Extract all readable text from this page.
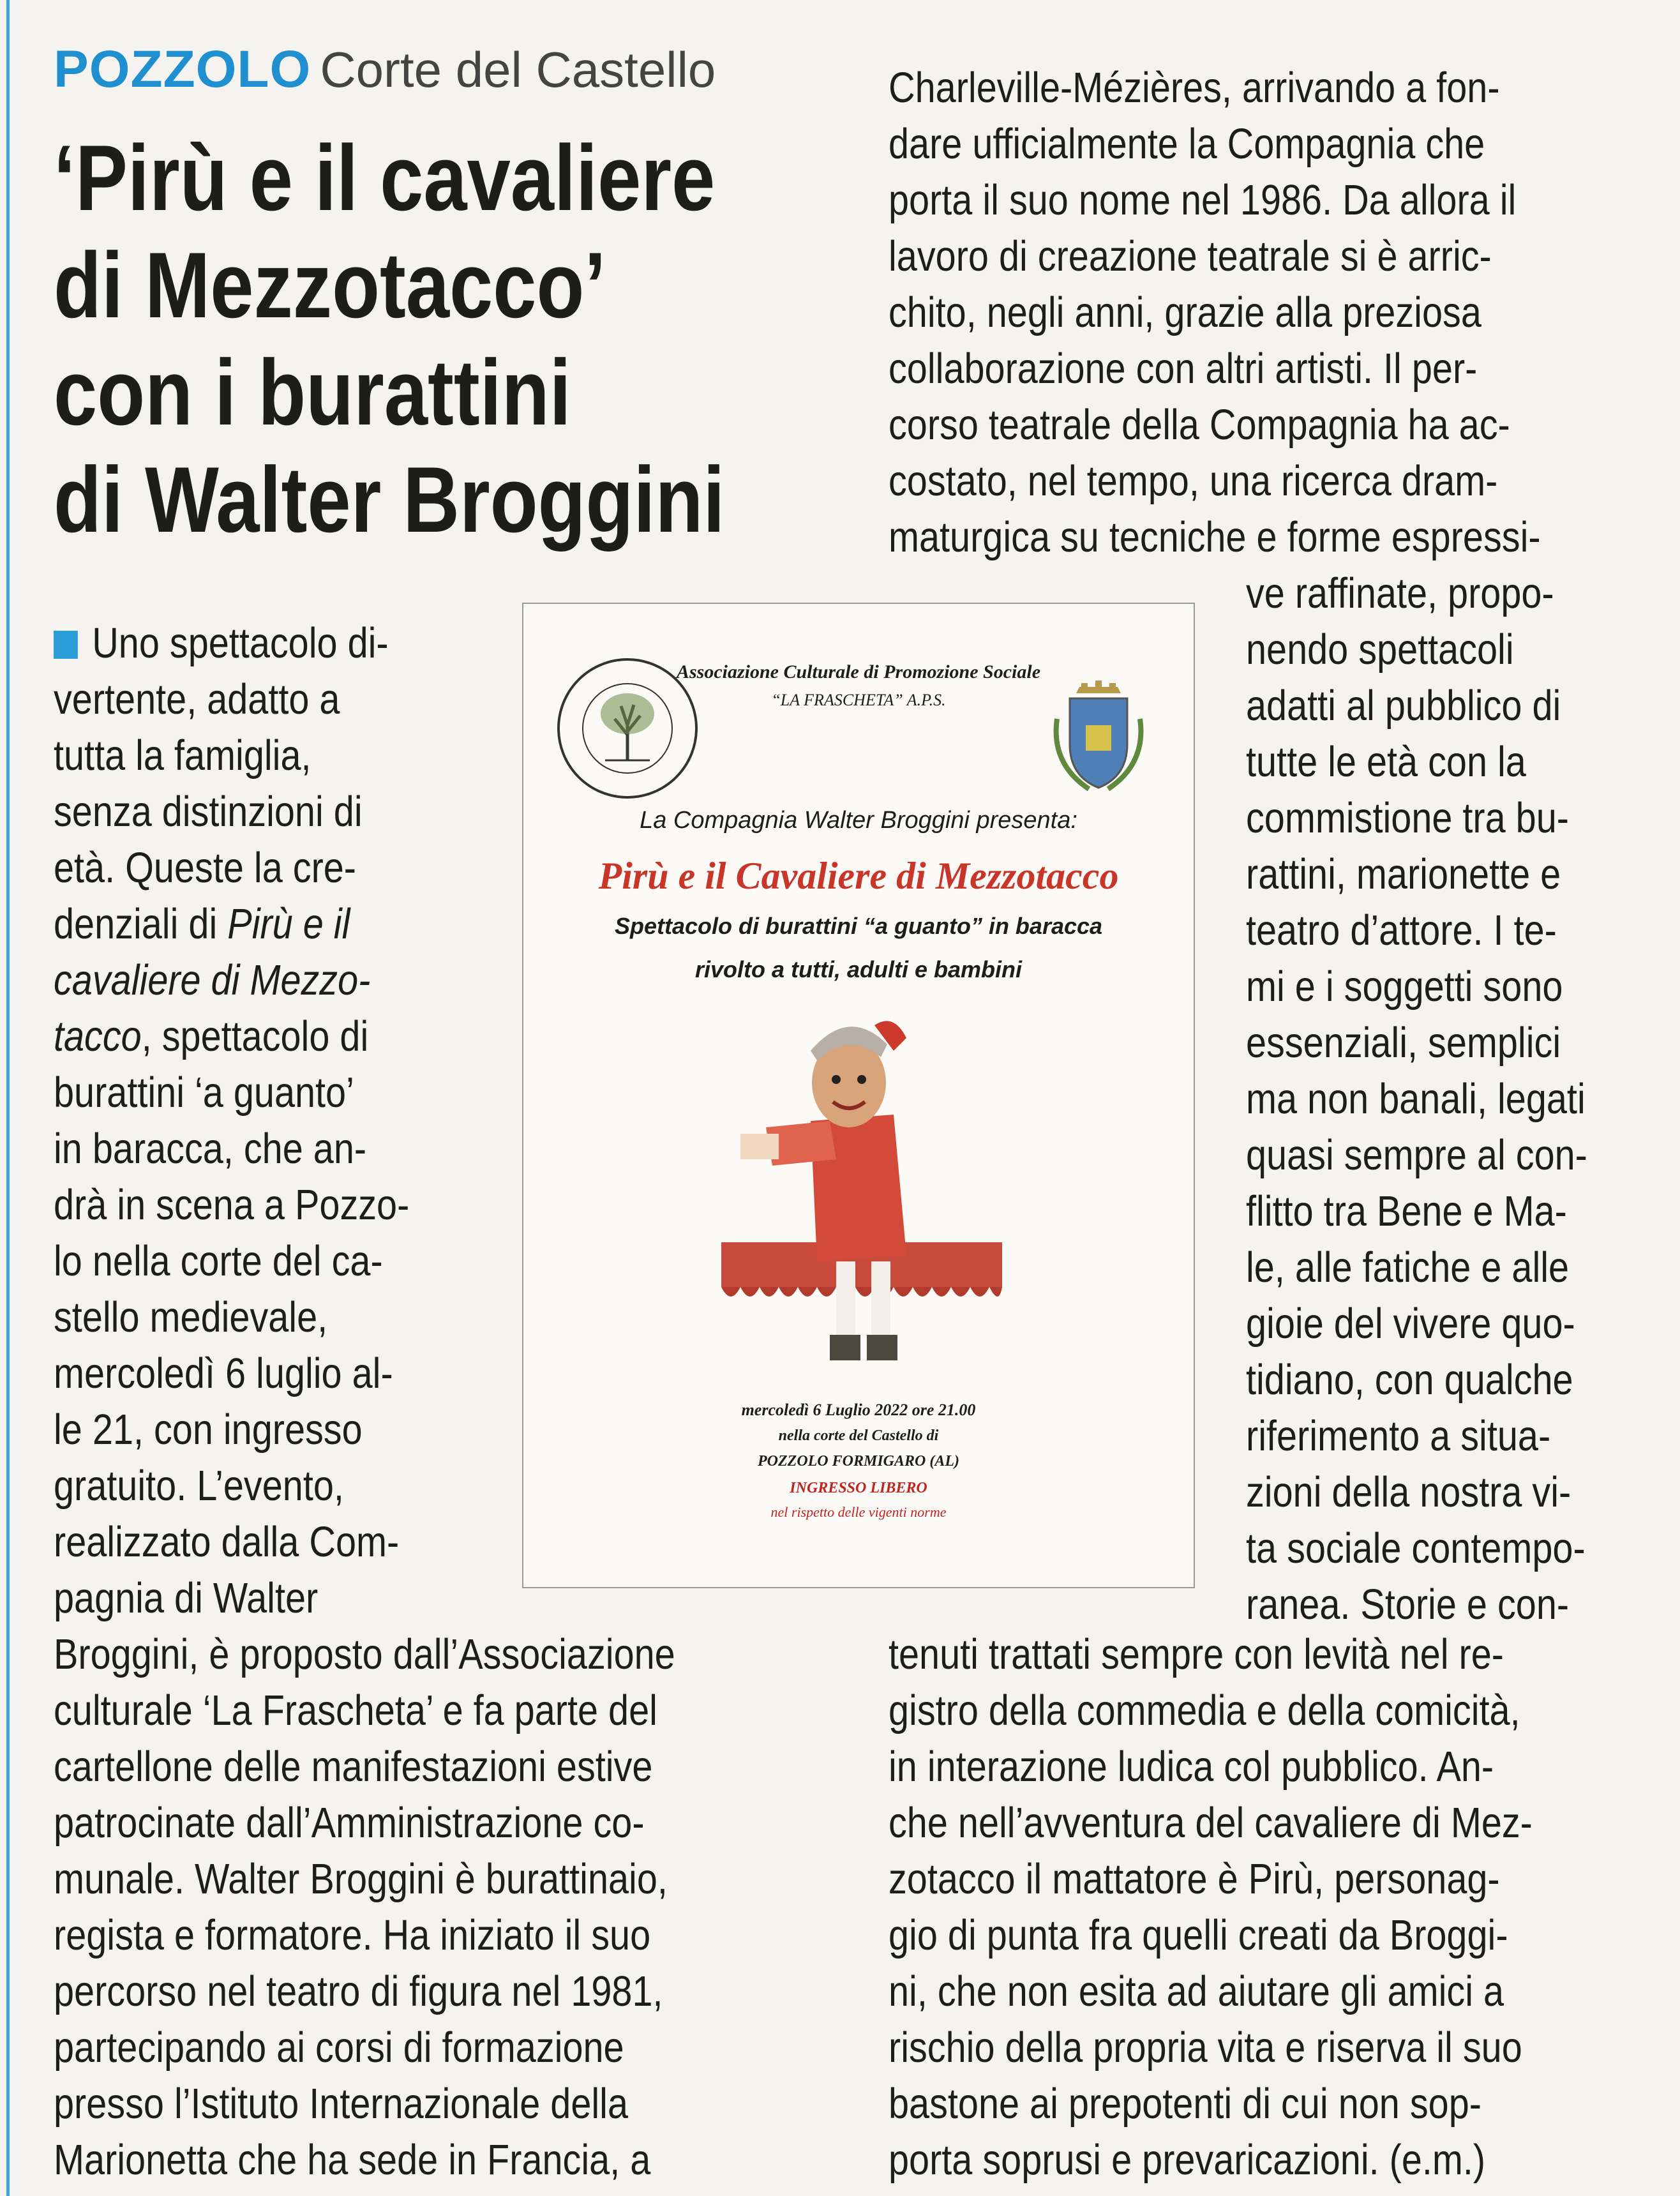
POZZOLO Corte del Castello
‘Pirù e il cavaliere
di Mezzotacco’
con i burattini
di Walter Broggini
Uno spettacolo di-
vertente, adatto a
tutta la famiglia,
senza distinzioni di
età. Queste la cre-
denziali di Pirù e il
cavaliere di Mezzo-
tacco, spettacolo di
burattini ‘a guanto’
in baracca, che an-
drà in scena a Pozzo-
lo nella corte del ca-
stello medievale,
mercoledì 6 luglio al-
le 21, con ingresso
gratuito. L’evento,
realizzato dalla Com-
pagnia di Walter
Broggini, è proposto dall’Associazione
culturale ‘La Frascheta’ e fa parte del
cartellone delle manifestazioni estive
patrocinate dall’Amministrazione co-
munale. Walter Broggini è burattinaio,
regista e formatore. Ha iniziato il suo
percorso nel teatro di figura nel 1981,
partecipando ai corsi di formazione
presso l’Istituto Internazionale della
Marionetta che ha sede in Francia, a
Charleville-Mézières, arrivando a fon-
dare ufficialmente la Compagnia che
porta il suo nome nel 1986. Da allora il
lavoro di creazione teatrale si è arric-
chito, negli anni, grazie alla preziosa
collaborazione con altri artisti. Il per-
corso teatrale della Compagnia ha ac-
costato, nel tempo, una ricerca dram-
maturgica su tecniche e forme espressi-
ve raffinate, propo-
nendo spettacoli
adatti al pubblico di
tutte le età con la
commistione tra bu-
rattini, marionette e
teatro d’attore. I te-
mi e i soggetti sono
essenziali, semplici
ma non banali, legati
quasi sempre al con-
flitto tra Bene e Ma-
le, alle fatiche e alle
gioie del vivere quo-
tidiano, con qualche
riferimento a situa-
zioni della nostra vi-
ta sociale contempo-
ranea. Storie e con-
tenuti trattati sempre con levità nel re-
gistro della commedia e della comicità,
in interazione ludica col pubblico. An-
che nell’avventura del cavaliere di Mez-
zotacco il mattatore è Pirù, personag-
gio di punta fra quelli creati da Broggi-
ni, che non esita ad aiutare gli amici a
rischio della propria vita e riserva il suo
bastone ai prepotenti di cui non sop-
porta soprusi e prevaricazioni. (e.m.)
Associazione Culturale di Promozione Sociale
“LA FRASCHETA” A.P.S.
La Compagnia Walter Broggini presenta:
Pirù e il Cavaliere di Mezzotacco
Spettacolo di burattini “a guanto” in baracca
rivolto a tutti, adulti e bambini
mercoledì 6 Luglio 2022 ore 21.00
nella corte del Castello di
POZZOLO FORMIGARO (AL)
INGRESSO LIBERO
nel rispetto delle vigenti norme
